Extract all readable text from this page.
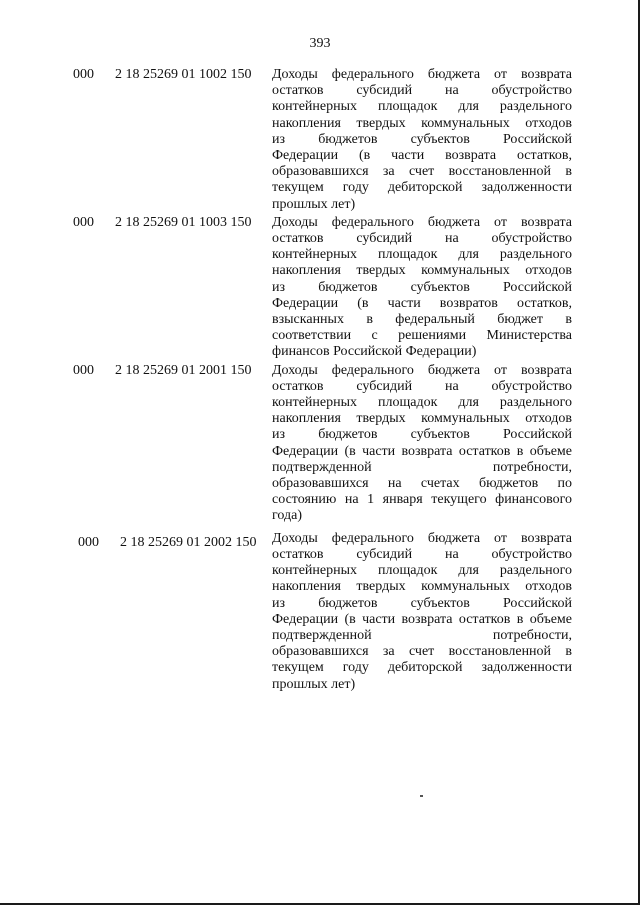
393
000 2 18 25269 01 1002 150 Доходы федерального бюджета от возврата
остатков субсидий на обустройство
контейнерных площадок для раздельного
накопления твердых коммунальных отходов
из бюджетов субъектов Российской
Федерации (в части возврата остатков,
образовавшихся за счет восстановленной в
текущем году дебиторской задолженности
прошлых лет)
000 2 18 25269 01 1003 150 Доходы федерального бюджета от возврата
остатков субсидий на обустройство
контейнерных площадок для раздельного
накопления твердых коммунальных отходов
из бюджетов субъектов Российской
Федерации (в части возвратов остатков,
взысканных в федеральный бюджет в
соответствии с решениями Министерства
финансов Российской Федерации)
000 2 18 25269 01 2001 150 Доходы федерального бюджета от возврата
остатков субсидий на обустройство
контейнерных площадок для раздельного
накопления твердых коммунальных отходов
из бюджетов субъектов Российской
Федерации (в части возврата остатков в объеме
подтвержденной потребности,
образовавшихся на счетах бюджетов по
состоянию на 1 января текущего финансового
года)
000 2 18 25269 01 2002 150 Доходы федерального бюджета от возврата
остатков субсидий на обустройство
контейнерных площадок для раздельного
накопления твердых коммунальных отходов
из бюджетов субъектов Российской
Федерации (в части возврата остатков в объеме
подтвержденной потребности,
образовавшихся за счет восстановленной в
текущем году дебиторской задолженности
прошлых лет)
